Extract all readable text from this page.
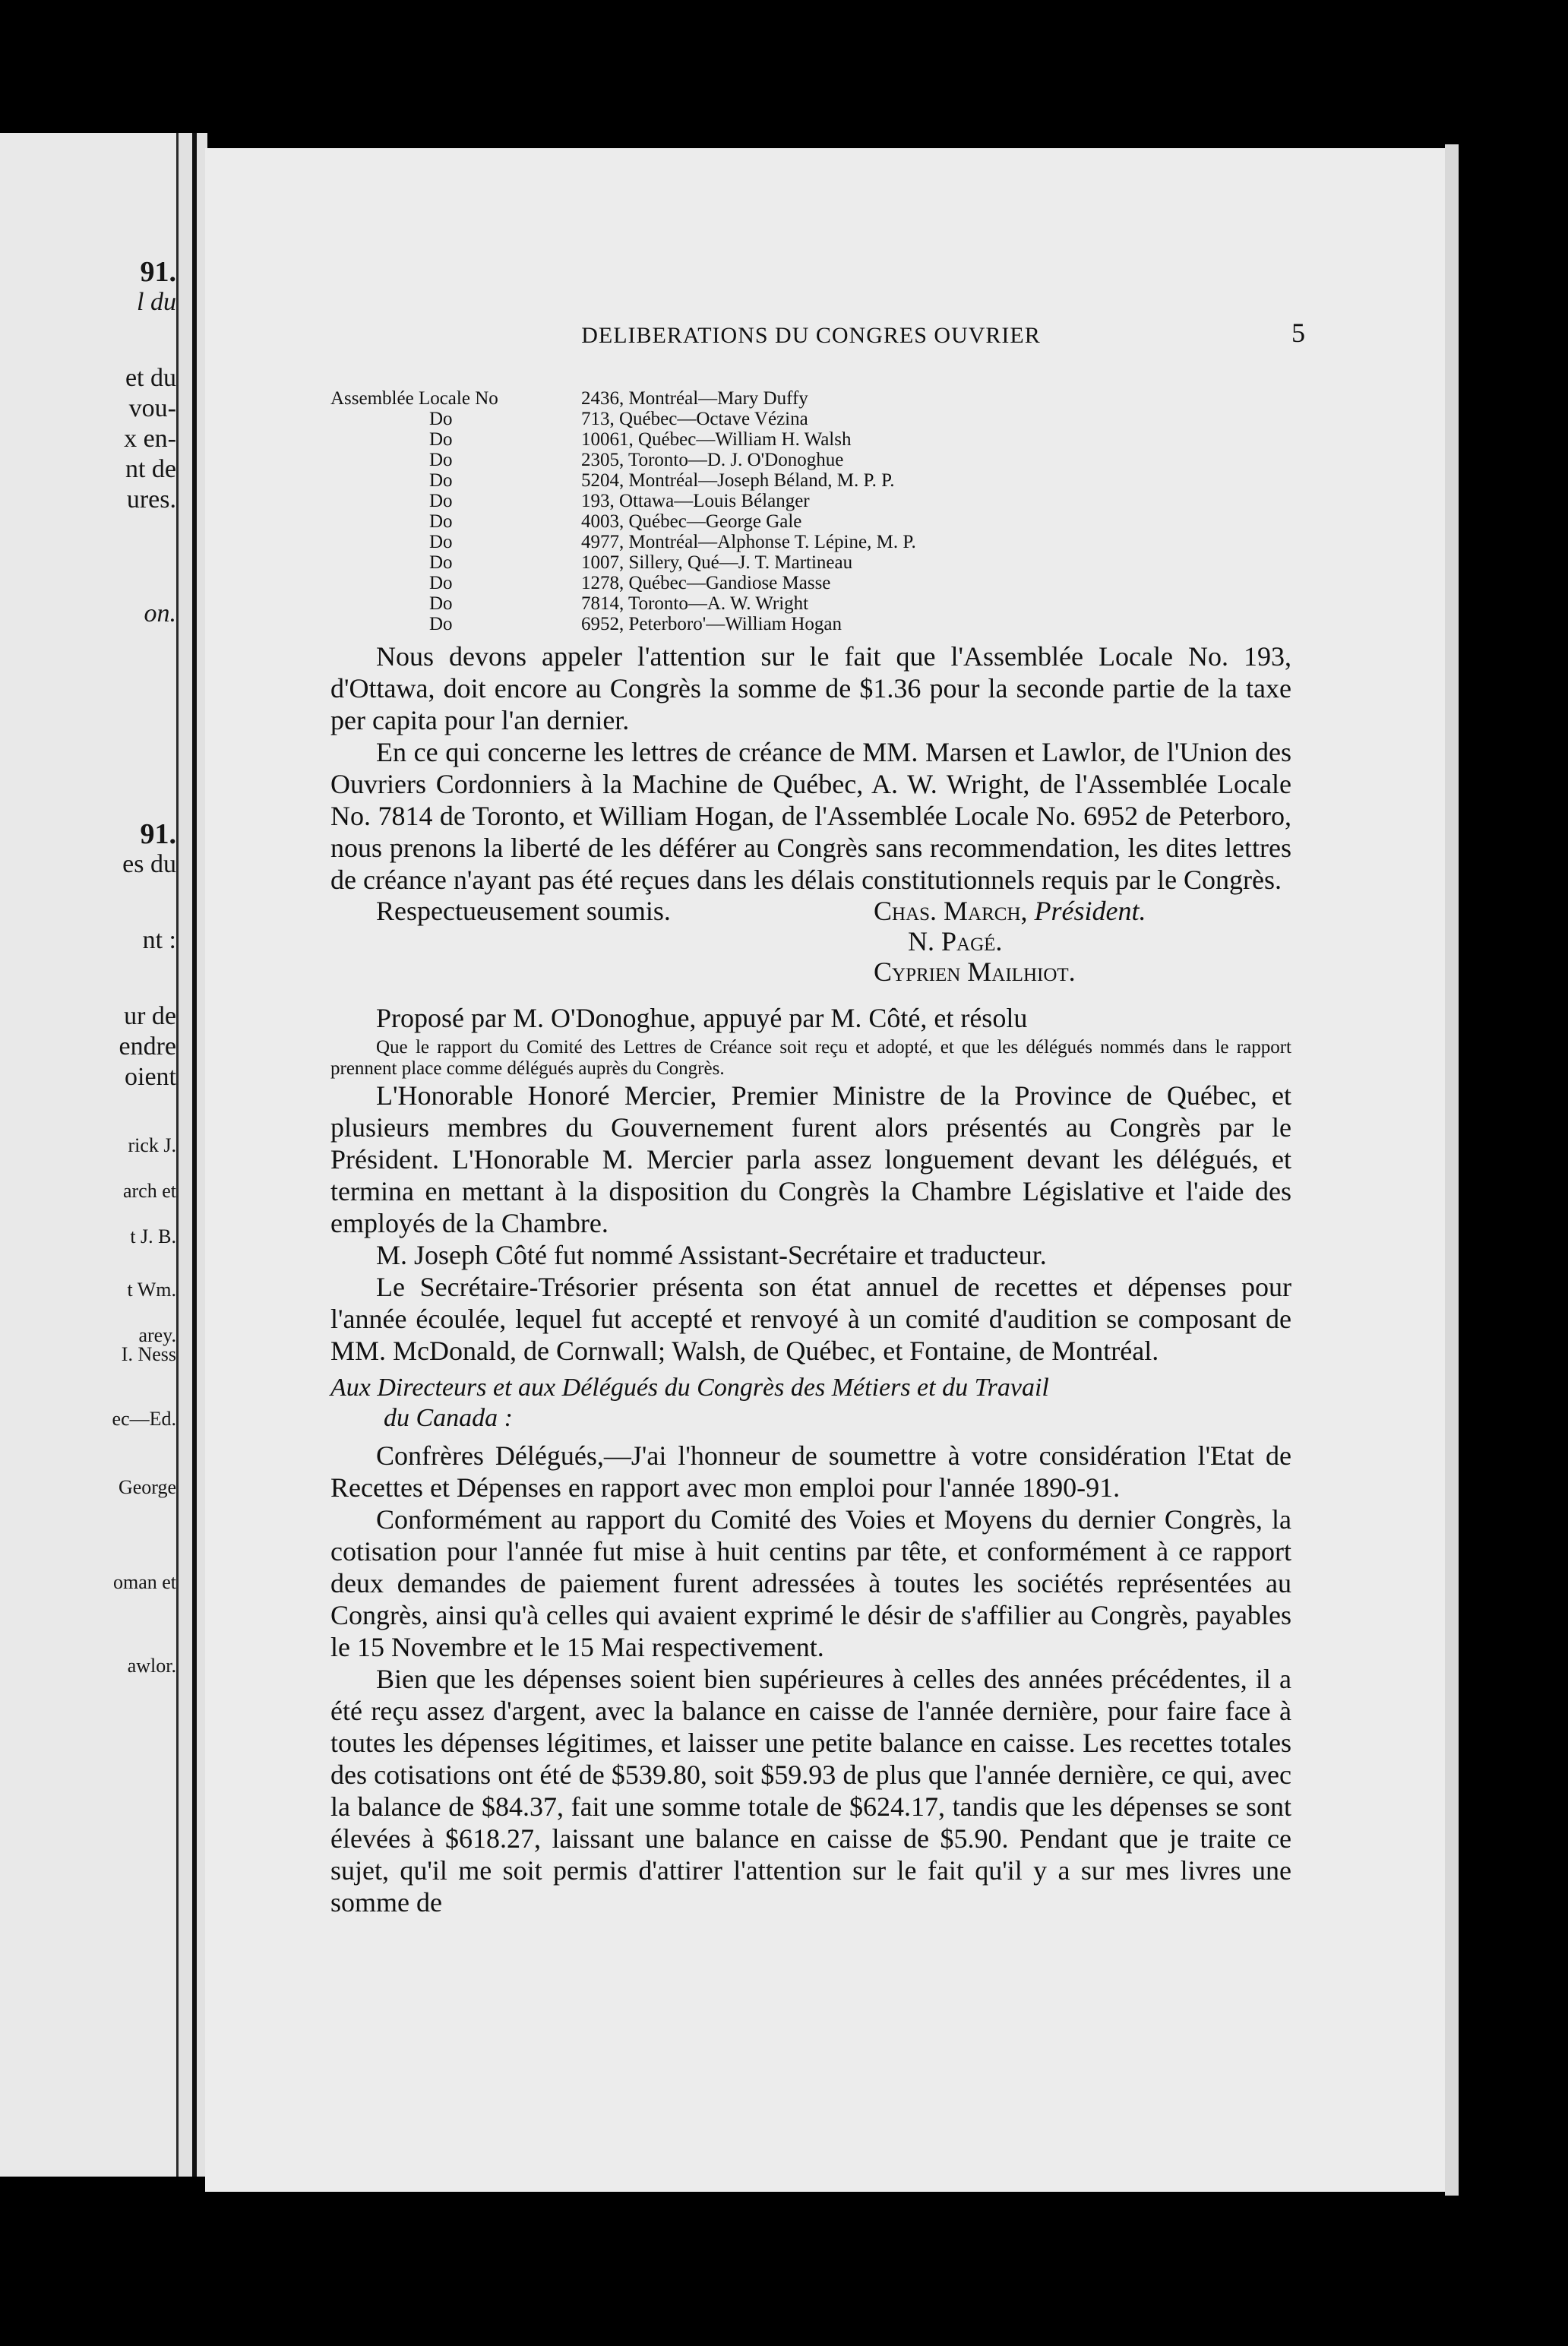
91.
l du
et du
vou-
x en-
nt de
ures.
on.
91.
es du
nt :
ur de
endre
oient
rick J.
arch et
t J. B.
t Wm.
arey.
I. Ness
ec—Ed.
George
oman et
awlor.
DELIBERATIONS DU CONGRES OUVRIER	5
Assemblée Locale No	2436, Montréal—Mary Duffy
Do	713, Québec—Octave Vézina
Do	10061, Québec—William H. Walsh
Do	2305, Toronto—D. J. O'Donoghue
Do	5204, Montréal—Joseph Béland, M. P. P.
Do	193, Ottawa—Louis Bélanger
Do	4003, Québec—George Gale
Do	4977, Montréal—Alphonse T. Lépine, M. P.
Do	1007, Sillery, Qué—J. T. Martineau
Do	1278, Québec—Gandiose Masse
Do	7814, Toronto—A. W. Wright
Do	6952, Peterboro'—William Hogan

Nous devons appeler l'attention sur le fait que l'Assemblée Locale No. 193, d'Ottawa, doit encore au Congrès la somme de $1.36 pour la seconde partie de la taxe per capita pour l'an dernier.

En ce qui concerne les lettres de créance de MM. Marsen et Lawlor, de l'Union des Ouvriers Cordonniers à la Machine de Québec, A. W. Wright, de l'Assemblée Locale No. 7814 de Toronto, et William Hogan, de l'Assemblée Locale No. 6952 de Peterboro, nous prenons la liberté de les déférer au Congrès sans recommendation, les dites lettres de créance n'ayant pas été reçues dans les délais constitutionnels requis par le Congrès.

Respectueusement soumis.	Chas. March, Président.
N. Pagé.
Cyprien Mailhiot.

Proposé par M. O'Donoghue, appuyé par M. Côté, et résolu

Que le rapport du Comité des Lettres de Créance soit reçu et adopté, et que les délégués nommés dans le rapport prennent place comme délégués auprès du Congrès.

L'Honorable Honoré Mercier, Premier Ministre de la Province de Québec, et plusieurs membres du Gouvernement furent alors présentés au Congrès par le Président. L'Honorable M. Mercier parla assez longuement devant les délégués, et termina en mettant à la disposition du Congrès la Chambre Législative et l'aide des employés de la Chambre.

M. Joseph Côté fut nommé Assistant-Secrétaire et traducteur.

Le Secrétaire-Trésorier présenta son état annuel de recettes et dépenses pour l'année écoulée, lequel fut accepté et renvoyé à un comité d'audition se composant de MM. McDonald, de Cornwall; Walsh, de Québec, et Fontaine, de Montréal.

Aux Directeurs et aux Délégués du Congrès des Métiers et du Travail
du Canada :

Confrères Délégués,—J'ai l'honneur de soumettre à votre considération l'Etat de Recettes et Dépenses en rapport avec mon emploi pour l'année 1890-91.

Conformément au rapport du Comité des Voies et Moyens du dernier Congrès, la cotisation pour l'année fut mise à huit centins par tête, et conformément à ce rapport deux demandes de paiement furent adressées à toutes les sociétés représentées au Congrès, ainsi qu'à celles qui avaient exprimé le désir de s'affilier au Congrès, payables le 15 Novembre et le 15 Mai respectivement.

Bien que les dépenses soient bien supérieures à celles des années précédentes, il a été reçu assez d'argent, avec la balance en caisse de l'année dernière, pour faire face à toutes les dépenses légitimes, et laisser une petite balance en caisse. Les recettes totales des cotisations ont été de $539.80, soit $59.93 de plus que l'année dernière, ce qui, avec la balance de $84.37, fait une somme totale de $624.17, tandis que les dépenses se sont élevées à $618.27, laissant une balance en caisse de $5.90. Pendant que je traite ce sujet, qu'il me soit permis d'attirer l'attention sur le fait qu'il y a sur mes livres une somme de
